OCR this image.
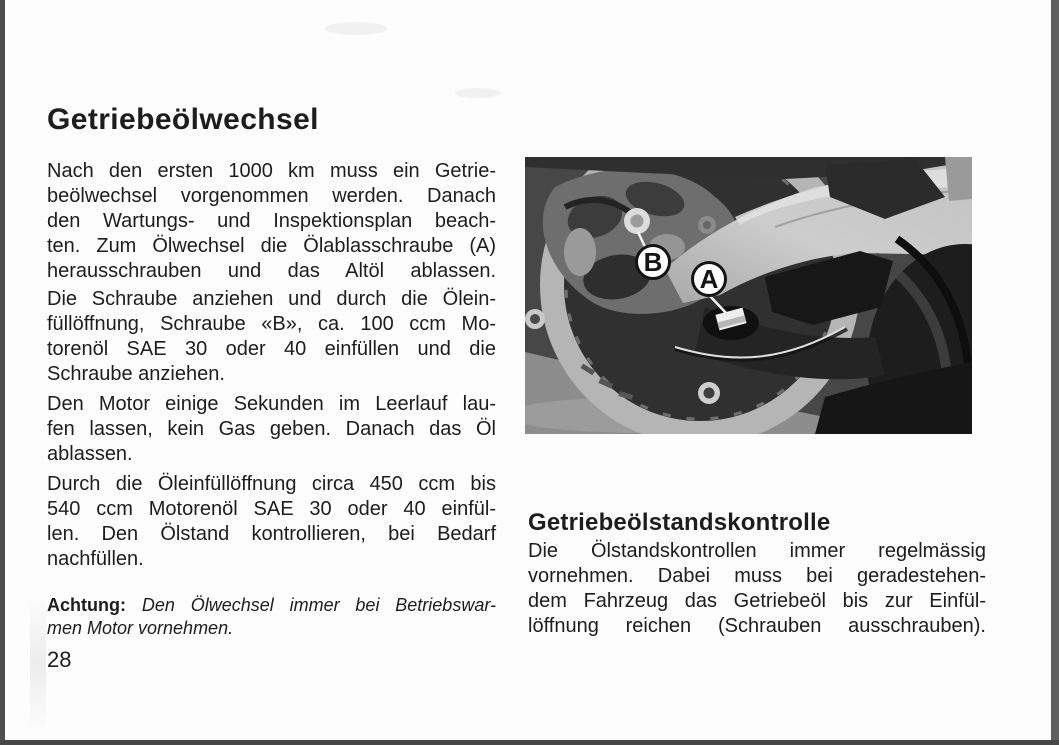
Getriebeölwechsel
Nach den ersten 1000 km muss ein Getrie-
beölwechsel vorgenommen werden. Danach
den Wartungs- und Inspektionsplan beach-
ten. Zum Ölwechsel die Ölablasschraube (A)
herausschrauben und das Altöl ablassen.
Die Schraube anziehen und durch die Ölein-
füllöffnung, Schraube «B», ca. 100 ccm Mo-
torenöl SAE 30 oder 40 einfüllen und die
Schraube anziehen.
Den Motor einige Sekunden im Leerlauf lau-
fen lassen, kein Gas geben. Danach das Öl
ablassen.
Durch die Öleinfüllöffnung circa 450 ccm bis
540 ccm Motorenöl SAE 30 oder 40 einfül-
len. Den Ölstand kontrollieren, bei Bedarf
nachfüllen.
Achtung: Den Ölwechsel immer bei Betriebswar-
men Motor vornehmen.
28
B
A
Getriebeölstandskontrolle
Die Ölstandskontrollen immer regelmässig
vornehmen. Dabei muss bei geradestehen-
dem Fahrzeug das Getriebeöl bis zur Einfül-
löffnung reichen (Schrauben ausschrauben).
